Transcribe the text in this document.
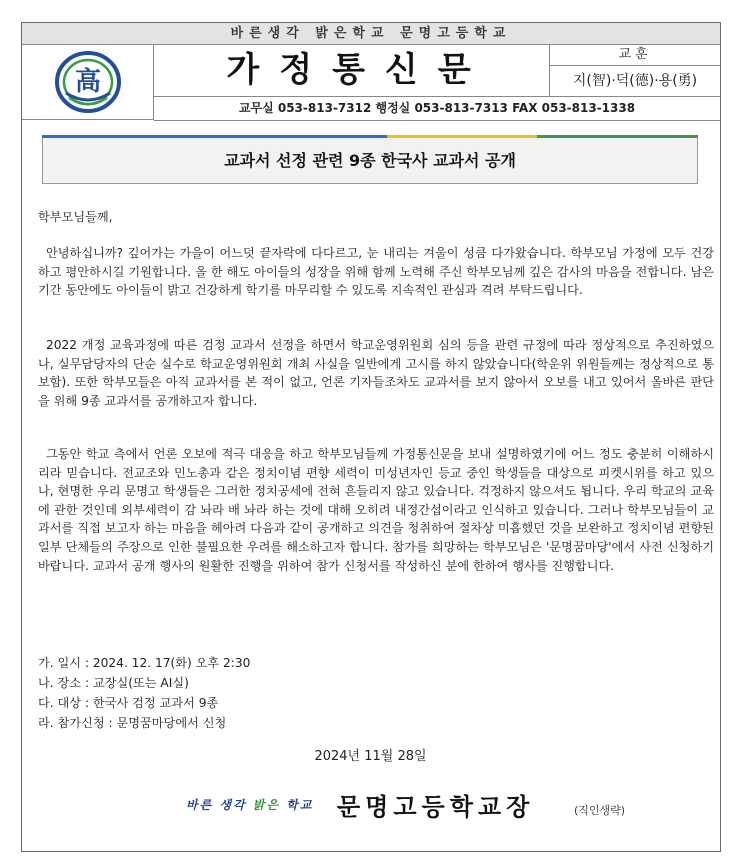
바른생각 밝은학교 문명고등학교
高	가정통신문	교훈
지(智)·덕(德)·용(勇)
교무실 053-813-7312 행정실 053-813-7313 FAX 053-813-1338
교과서 선정 관련 9종 한국사 교과서 공개
학부모님들께,

안녕하십니까? 깊어가는 가을이 어느덧 끝자락에 다다르고, 눈 내리는 겨울이 성큼 다가왔습니다. 학부모님 가정에 모두 건강하고 평안하시길 기원합니다. 올 한 해도 아이들의 성장을 위해 함께 노력해 주신 학부모님께 깊은 감사의 마음을 전합니다. 남은 기간 동안에도 아이들이 밝고 건강하게 학기를 마무리할 수 있도록 지속적인 관심과 격려 부탁드립니다.

2022 개정 교육과정에 따른 검정 교과서 선정을 하면서 학교운영위원회 심의 등을 관련 규정에 따라 정상적으로 추진하였으나, 실무담당자의 단순 실수로 학교운영위원회 개최 사실을 일반에게 고시를 하지 않았습니다(학운위 위원들께는 정상적으로 통보함). 또한 학부모들은 아직 교과서를 본 적이 없고, 언론 기자들조차도 교과서를 보지 않아서 오보를 내고 있어서 올바른 판단을 위해 9종 교과서를 공개하고자 합니다.

그동안 학교 측에서 언론 오보에 적극 대응을 하고 학부모님들께 가정통신문을 보내 설명하였기에 어느 정도 충분히 이해하시리라 믿습니다. 전교조와 민노총과 같은 정치이념 편향 세력이 미성년자인 등교 중인 학생들을 대상으로 피켓시위를 하고 있으나, 현명한 우리 문명고 학생들은 그러한 정치공세에 전혀 흔들리지 않고 있습니다. 걱정하지 않으셔도 됩니다. 우리 학교의 교육에 관한 것인데 외부세력이 감 놔라 배 놔라 하는 것에 대해 오히려 내정간섭이라고 인식하고 있습니다. 그러나 학부모님들이 교과서를 직접 보고자 하는 마음을 헤아려 다음과 같이 공개하고 의견을 청취하여 절차상 미흡했던 것을 보완하고 정치이념 편향된 일부 단체들의 주장으로 인한 불필요한 우려를 해소하고자 합니다. 참가를 희망하는 학부모님은 '문명꿈마당'에서 사전 신청하기 바랍니다. 교과서 공개 행사의 원활한 진행을 위하여 참가 신청서를 작성하신 분에 한하여 행사를 진행합니다.

가. 일시 : 2024. 12. 17(화) 오후 2:30
나. 장소 : 교장실(또는 AI실)
다. 대상 : 한국사 검정 교과서 9종
라. 참가신청 : 문명꿈마당에서 신청
2024년 11월 28일
바른 생각 밝은 학교 문명고등학교장	(직인생략)
